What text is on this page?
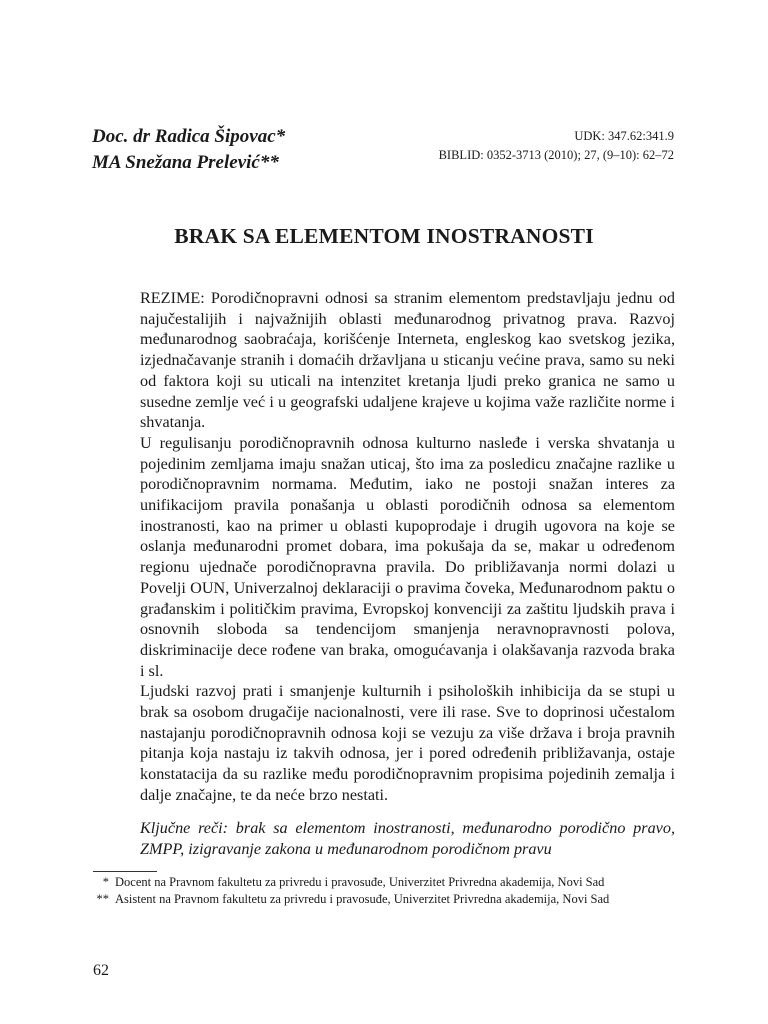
Doc. dr Radica Šipovac*
MA Snežana Prelević**
UDK: 347.62:341.9
BIBLID: 0352-3713 (2010); 27, (9–10): 62–72
BRAK SA ELEMENTOM INOSTRANOSTI

REZIME: Porodičnopravni odnosi sa stranim elementom predstavljaju jednu od najučestalijih i najvažnijih oblasti međunarodnog privatnog prava. Razvoj međunarodnog saobraćaja, korišćenje Interneta, engleskog kao svetskog jezika, izjednačavanje stranih i domaćih državljana u sticanju većine prava, samo su neki od faktora koji su uticali na intenzitet kretanja ljudi preko granica ne samo u susedne zemlje već i u geografski udaljene krajeve u kojima važe različite norme i shvatanja.

U regulisanju porodičnopravnih odnosa kulturno nasleđe i verska shvatanja u pojedinim zemljama imaju snažan uticaj, što ima za posledicu značajne razlike u porodičnopravnim normama. Međutim, iako ne postoji snažan interes za unifikacijom pravila ponašanja u oblasti porodičnih odnosa sa elementom inostranosti, kao na primer u oblasti kupoprodaje i drugih ugovora na koje se oslanja međunarodni promet dobara, ima pokušaja da se, makar u određenom regionu ujednače porodičnopravna pravila. Do približavanja normi dolazi u Povelji OUN, Univerzalnoj deklaraciji o pravima čoveka, Međunarodnom paktu o građanskim i političkim pravima, Evropskoj konvenciji za zaštitu ljudskih prava i osnovnih sloboda sa tendencijom smanjenja neravnopravnosti polova, diskriminacije dece rođene van braka, omogućavanja i olakšavanja razvoda braka i sl.

Ljudski razvoj prati i smanjenje kulturnih i psiholoških inhibicija da se stupi u brak sa osobom drugačije nacionalnosti, vere ili rase. Sve to doprinosi učestalom nastajanju porodičnopravnih odnosa koji se vezuju za više država i broja pravnih pitanja koja nastaju iz takvih odnosa, jer i pored određenih približavanja, ostaje konstatacija da su razlike među porodičnopravnim propisima pojedinih zemalja i dalje značajne, te da neće brzo nestati.

Ključne reči: brak sa elementom inostranosti, međunarodno porodično pravo, ZMPP, izigravanje zakona u međunarodnom porodičnom pravu
* Docent na Pravnom fakultetu za privredu i pravosuđe, Univerzitet Privredna akademija, Novi Sad
** Asistent na Pravnom fakultetu za privredu i pravosuđe, Univerzitet Privredna akademija, Novi Sad
62
